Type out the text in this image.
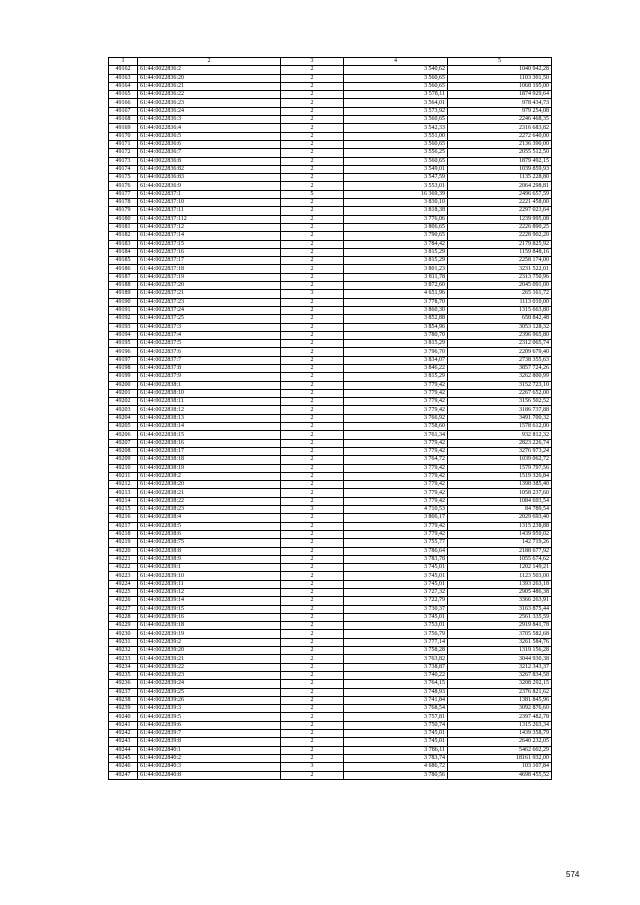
1	2	3	4	5
49162	61:44:0022836:2	2	3 540,62	1040 942,28
49163	61:44:0022836:20	2	3 560,65	1103 301,50
49164	61:44:0022836:21	2	3 560,65	1068 195,00
49165	61:44:0022836:22	2	3 578,11	1874 929,64
49166	61:44:0022836:23	2	3 564,01	978 434,73
49167	61:44:0022836:24	2	3 573,92	979 254,08
49168	61:44:0022836:3	2	3 560,65	2246 468,35
49169	61:44:0022836:4	2	3 542,33	2316 683,82
49170	61:44:0022836:5	2	3 551,00	2272 640,00
49171	61:44:0022836:6	2	3 560,65	2136 390,00
49172	61:44:0022836:7	2	3 556,25	2055 512,50
49173	61:44:0022836:8	2	3 560,65	1879 492,15
49174	61:44:0022836:82	2	3 549,01	1039 859,93
49175	61:44:0022836:83	2	3 547,59	1135 228,80
49176	61:44:0022836:9	2	3 553,01	2064 298,81
49177	61:44:0022837:1	5	16 369,39	2496 657,59
49178	61:44:0022837:10	2	3 830,10	2221 458,00
49179	61:44:0022837:11	2	3 818,38	2297 023,64
49180	61:44:0022837:112	2	3 776,06	1239 995,08
49181	61:44:0022837:12	2	3 806,65	2226 890,25
49182	61:44:0022837:14	2	3 790,65	2228 902,20
49183	61:44:0022837:15	2	3 784,42	2179 825,92
49184	61:44:0022837:16	2	3 815,29	1159 848,16
49185	61:44:0022837:17	2	3 815,29	2258 174,00
49186	61:44:0022837:18	2	3 801,23	3231 522,01
49187	61:44:0022837:19	2	3 811,78	2313 750,96
49188	61:44:0022837:20	2	3 872,60	2045 091,00
49189	61:44:0022837:21	3	4 651,96	265 161,72
49190	61:44:0022837:23	2	3 778,70	1113 010,00
49191	61:44:0022837:24	2	3 860,30	1315 663,80
49192	61:44:0022837:25	2	3 852,88	658 842,48
49193	61:44:0022837:3	2	3 854,96	3053 128,32
49194	61:44:0022837:4	2	3 780,70	2396 965,80
49195	61:44:0022837:5	2	3 815,29	2312 065,74
49196	61:44:0022837:6	2	3 796,70	2209 679,40
49197	61:44:0022837:7	2	3 834,07	2738 355,63
49198	61:44:0022837:8	2	3 846,22	3857 724,26
49199	61:44:0022837:9	2	3 815,29	3262 800,99
49200	61:44:0022838:1	2	3 779,42	3152 723,10
49201	61:44:0022838:10	2	3 779,42	2267 652,00
49202	61:44:0022838:11	2	3 779,42	3156 502,52
49203	61:44:0022838:12	2	3 779,42	3186 737,88
49204	61:44:0022838:13	2	3 766,92	3491 700,32
49205	61:44:0022838:14	2	3 758,60	1578 612,00
49206	61:44:0022838:15	2	3 761,34	932 812,32
49207	61:44:0022838:16	2	3 779,42	2823 226,74
49208	61:44:0022838:17	2	3 779,42	3276 973,24
49209	61:44:0022838:18	2	3 764,72	1039 062,72
49210	61:44:0022838:19	2	3 779,42	1579 797,56
49211	61:44:0022838:2	2	3 779,42	1519 326,84
49212	61:44:0022838:20	2	3 779,42	1398 385,40
49213	61:44:0022838:21	2	3 779,42	1058 237,60
49214	61:44:0022838:22	2	3 779,42	1084 693,54
49215	61:44:0022838:23	3	4 710,53	84 789,54
49216	61:44:0022838:4	2	3 806,17	2029 693,40
49217	61:44:0022838:5	2	3 779,42	1315 238,88
49218	61:44:0022838:6	2	3 779,42	1439 959,02
49219	61:44:0022838:75	2	3 755,77	142 719,26
49220	61:44:0022838:8	2	3 786,64	2188 677,92
49221	61:44:0022838:9	2	3 783,78	1055 674,62
49222	61:44:0022839:1	2	3 745,01	1202 149,21
49223	61:44:0022839:10	2	3 745,01	1123 503,00
49224	61:44:0022839:11	2	3 745,01	1393 263,18
49225	61:44:0022839:12	2	3 727,32	2905 486,38
49226	61:44:0022839:14	2	3 722,79	3366 263,91
49227	61:44:0022839:15	2	3 730,37	3163 875,44
49228	61:44:0022839:16	2	3 745,01	2561 335,59
49229	61:44:0022839:18	2	3 753,01	2919 841,78
49230	61:44:0022839:19	2	3 756,79	3705 582,68
49231	61:44:0022839:2	2	3 777,14	3261 584,76
49232	61:44:0022839:20	2	3 758,28	1319 156,28
49233	61:44:0022839:21	2	3 763,82	3044 930,38
49234	61:44:0022839:22	2	3 738,87	3212 343,37
49235	61:44:0022839:23	2	3 740,22	3267 834,58
49236	61:44:0022839:24	2	3 764,15	3208 292,15
49237	61:44:0022839:25	2	3 748,93	2376 821,62
49238	61:44:0022839:26	2	3 741,84	1381 845,96
49239	61:44:0022839:3	2	3 768,54	3092 876,60
49240	61:44:0022839:5	2	3 757,81	2397 482,78
49241	61:44:0022839:6	2	3 750,74	1315 263,34
49242	61:44:0022839:7	2	3 745,01	1439 358,79
49243	61:44:0022839:8	2	3 745,01	2640 232,05
49244	61:44:0022840:1	2	3 786,11	5462 602,29
49245	61:44:0022840:2	2	3 783,74	18161 932,00
49246	61:44:0022840:3	3	4 686,72	103 107,84
49247	61:44:0022840:8	2	3 780,56	4698 455,52
574
